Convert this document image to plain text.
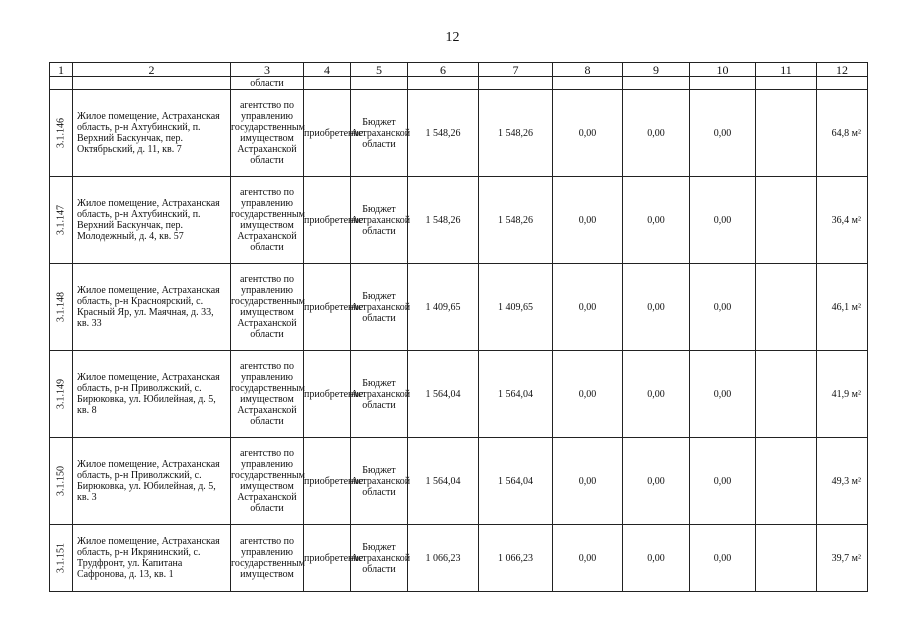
12
1	2	3	4	5	6	7	8	9	10	11	12
		области									

3.1.146	Жилое помещение, Астраханская область, р-н Ахтубинский, п. Верхний Баскунчак, пер. Октябрьский, д. 11, кв. 7	агентство по управлению государственным имуществом Астраханской области	приобретение	Бюджет Астраханской области	1 548,26	1 548,26	0,00	0,00	0,00		64,8 м²

3.1.147	Жилое помещение, Астраханская область, р-н Ахтубинский, п. Верхний Баскунчак, пер. Молодежный, д. 4, кв. 57	агентство по управлению государственным имуществом Астраханской области	приобретение	Бюджет Астраханской области	1 548,26	1 548,26	0,00	0,00	0,00		36,4 м²

3.1.148	Жилое помещение, Астраханская область, р-н Красноярский, с. Красный Яр, ул. Маячная, д. 33, кв. 33	агентство по управлению государственным имуществом Астраханской области	приобретение	Бюджет Астраханской области	1 409,65	1 409,65	0,00	0,00	0,00		46,1 м²

3.1.149	Жилое помещение, Астраханская область, р-н Приволжский, с. Бирюковка, ул. Юбилейная, д. 5, кв. 8	агентство по управлению государственным имуществом Астраханской области	приобретение	Бюджет Астраханской области	1 564,04	1 564,04	0,00	0,00	0,00		41,9 м²

3.1.150	Жилое помещение, Астраханская область, р-н Приволжский, с. Бирюковка, ул. Юбилейная, д. 5, кв. 3	агентство по управлению государственным имуществом Астраханской области	приобретение	Бюджет Астраханской области	1 564,04	1 564,04	0,00	0,00	0,00		49,3 м²

3.1.151	Жилое помещение, Астраханская область, р-н Икрянинский, с. Трудфронт, ул. Капитана Сафронова, д. 13, кв. 1	агентство по управлению государственным имуществом	приобретение	Бюджет Астраханской области	1 066,23	1 066,23	0,00	0,00	0,00		39,7 м²
